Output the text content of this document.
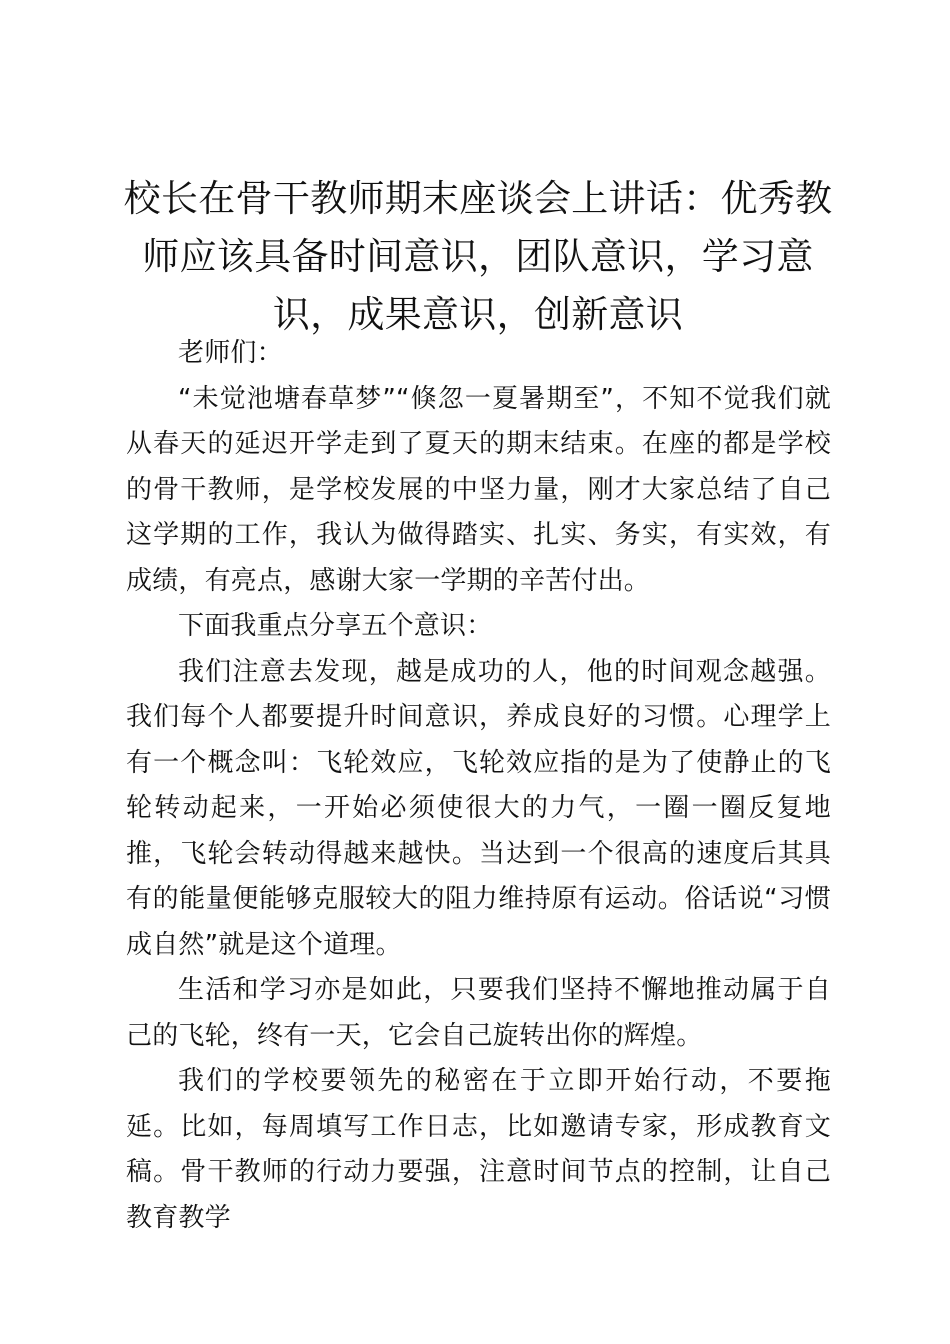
校长在骨干教师期末座谈会上讲话：优秀教师应该具备时间意识，团队意识，学习意识，成果意识，创新意识

老师们：

“未觉池塘春草梦”“倏忽一夏暑期至”，不知不觉我们就从春天的延迟开学走到了夏天的期末结束。在座的都是学校的骨干教师，是学校发展的中坚力量，刚才大家总结了自己这学期的工作，我认为做得踏实、扎实、务实，有实效，有成绩，有亮点，感谢大家一学期的辛苦付出。

下面我重点分享五个意识：

我们注意去发现，越是成功的人，他的时间观念越强。我们每个人都要提升时间意识，养成良好的习惯。心理学上有一个概念叫：飞轮效应，飞轮效应指的是为了使静止的飞轮转动起来，一开始必须使很大的力气，一圈一圈反复地推，飞轮会转动得越来越快。当达到一个很高的速度后其具有的能量便能够克服较大的阻力维持原有运动。俗话说“习惯成自然”就是这个道理。

生活和学习亦是如此，只要我们坚持不懈地推动属于自己的飞轮，终有一天，它会自己旋转出你的辉煌。

我们的学校要领先的秘密在于立即开始行动，不要拖延。比如，每周填写工作日志，比如邀请专家，形成教育文稿。骨干教师的行动力要强，注意时间节点的控制，让自己教育教学
